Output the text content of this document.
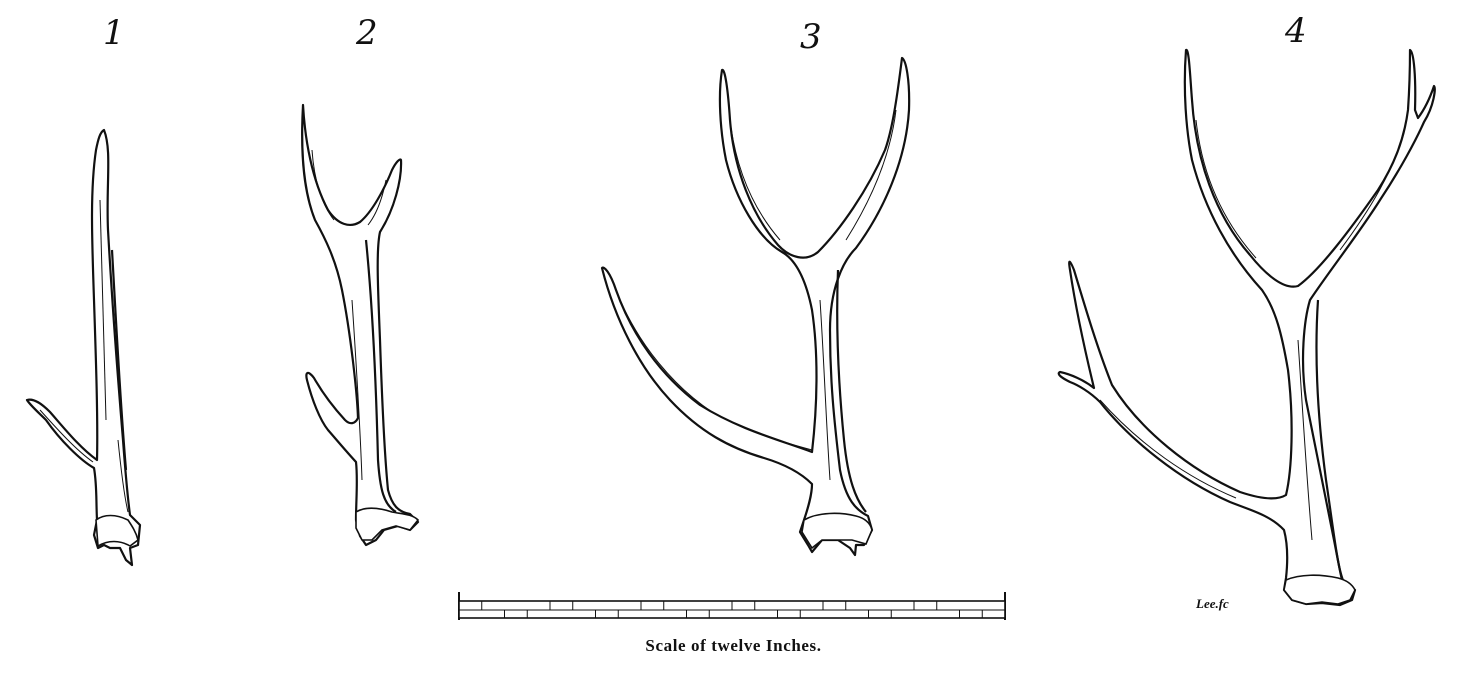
1	2	3	4
Scale of twelve Inches.
Lee.fc
